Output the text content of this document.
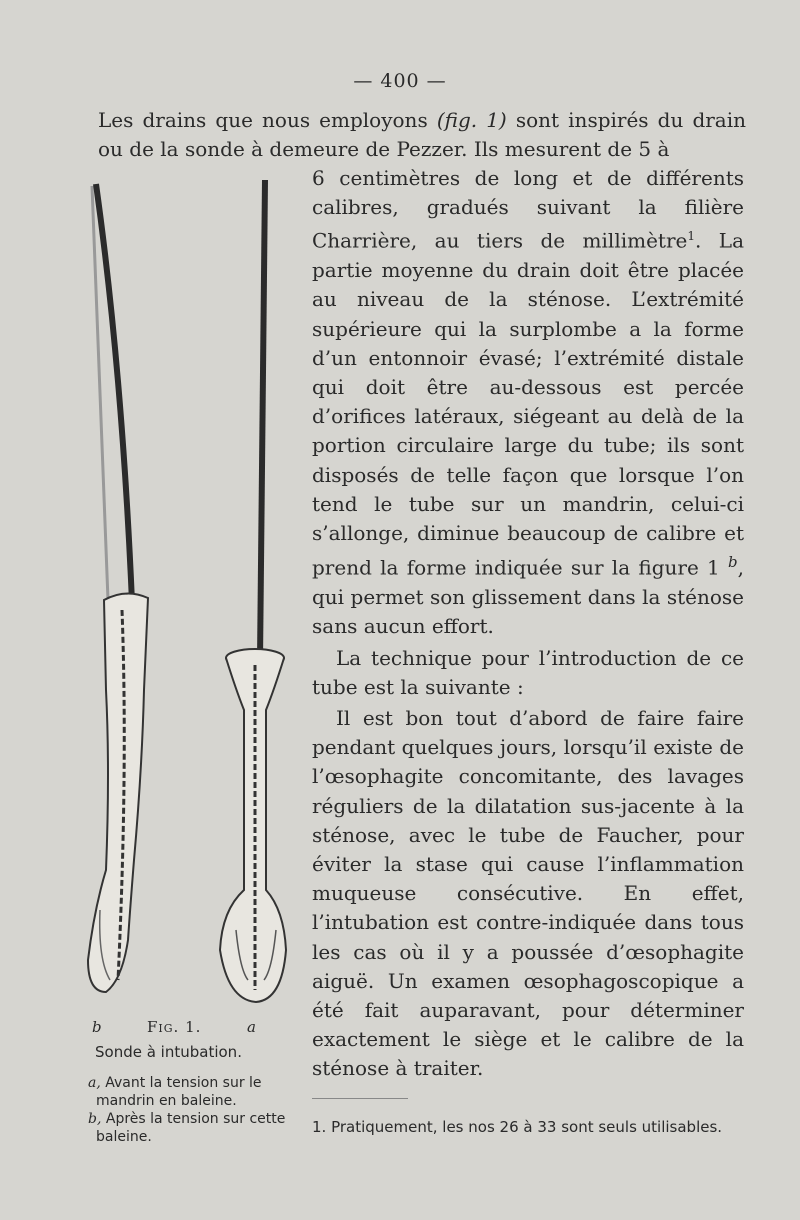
— 400 —

Les drains que nous employons (fig. 1) sont inspirés du drain ou de la sonde à demeure de Pezzer. Ils mesurent de 5 à

6 centimètres de long et de différents calibres, gradués suivant la filière Charrière, au tiers de millimètre$^1$. La partie moyenne du drain doit être placée au niveau de la sténose. L’extrémité supérieure qui la surplombe a la forme d’un entonnoir évasé; l’extrémité distale qui doit être au-dessous est percée d’orifices latéraux, siégeant au delà de la portion circulaire large du tube; ils sont disposés de telle façon que lorsque l’on tend le tube sur un mandrin, celui-ci s’allonge, diminue beaucoup de calibre et prend la forme indiquée sur la figure 1 $^b$, qui permet son glissement dans la sténose sans aucun effort.

La technique pour l’introduction de ce tube est la suivante :

Il est bon tout d’abord de faire faire pendant quelques jours, lorsqu’il existe de l’œsophagite concomitante, des lavages réguliers de la dilatation sus-jacente à la sténose, avec le tube de Faucher, pour éviter la stase qui cause l’inflammation muqueuse consécutive. En effet, l’intubation est contre-indiquée dans tous les cas où il y a poussée d’œsophagite aiguë. Un examen œsophagoscopique a été fait auparavant, pour déterminer exactement le siège et le calibre de la sténose à traiter.

b	Fig. 1.	a
Sonde à intubation.
a, Avant la tension sur le mandrin en baleine.
b, Après la tension sur cette baleine.
1. Pratiquement, les nos 26 à 33 sont seuls utilisables.
